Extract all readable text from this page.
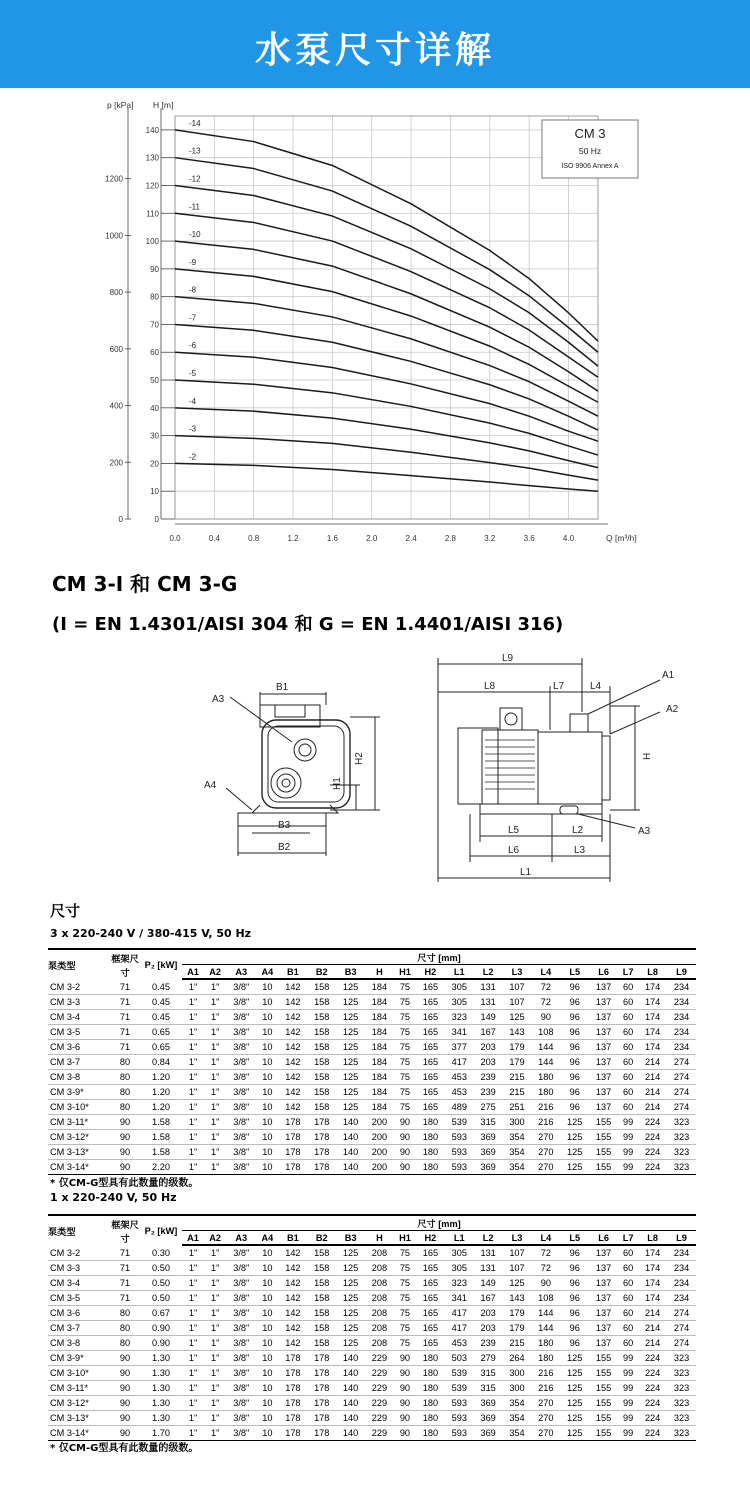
水泵尺寸详解
0.0	0.4	0.8	1.2	1.6	2.0	2.4	2.8	3.2	3.6	4.0
0
10
20
30
40
50
60
70
80
90
100
110
120
130
140
0
200
400
600
800
1000
1200
p [kPa] H [m]
Q [m³/h]
-2
-3
-4
-5
-6
-7
-8
-9
-10
-11
-12
-13
-14
CM 3
50 Hz
ISO 9906 Annex A
CM 3-I 和 CM 3-G
(I = EN 1.4301/AISI 304 和 G = EN 1.4401/AISI 316)
B1
A3
A4
B3
B2
H1
H2
L9
L8	L7	L4
A1
A2
H
L5	L2	A3
L6	L3
L1
尺寸
3 x 220-240 V / 380-415 V, 50 Hz
泵类型	框架尺寸	P₂ [kW]	尺寸 [mm]																		
			A1	A2	A3	A4	B1	B2	B3	H	H1	H2	L1	L2	L3	L4	L5	L6	L7	L8	L9
CM 3-2	71	0.45	1"	1"	3/8"	10	142	158	125	184	75	165	305	131	107	72	96	137	60	174	234
CM 3-3	71	0.45	1"	1"	3/8"	10	142	158	125	184	75	165	305	131	107	72	96	137	60	174	234
CM 3-4	71	0.45	1"	1"	3/8"	10	142	158	125	184	75	165	323	149	125	90	96	137	60	174	234
CM 3-5	71	0.65	1"	1"	3/8"	10	142	158	125	184	75	165	341	167	143	108	96	137	60	174	234
CM 3-6	71	0.65	1"	1"	3/8"	10	142	158	125	184	75	165	377	203	179	144	96	137	60	174	234
CM 3-7	80	0.84	1"	1"	3/8"	10	142	158	125	184	75	165	417	203	179	144	96	137	60	214	274
CM 3-8	80	1.20	1"	1"	3/8"	10	142	158	125	184	75	165	453	239	215	180	96	137	60	214	274
CM 3-9*	80	1.20	1"	1"	3/8"	10	142	158	125	184	75	165	453	239	215	180	96	137	60	214	274
CM 3-10*	80	1.20	1"	1"	3/8"	10	142	158	125	184	75	165	489	275	251	216	96	137	60	214	274
CM 3-11*	90	1.58	1"	1"	3/8"	10	178	178	140	200	90	180	539	315	300	216	125	155	99	224	323
CM 3-12*	90	1.58	1"	1"	3/8"	10	178	178	140	200	90	180	593	369	354	270	125	155	99	224	323
CM 3-13*	90	1.58	1"	1"	3/8"	10	178	178	140	200	90	180	593	369	354	270	125	155	99	224	323
CM 3-14*	90	2.20	1"	1"	3/8"	10	178	178	140	200	90	180	593	369	354	270	125	155	99	224	323
* 仅CM-G型具有此数量的级数。
1 x 220-240 V, 50 Hz
泵类型	框架尺寸	P₂ [kW]	尺寸 [mm]																		
			A1	A2	A3	A4	B1	B2	B3	H	H1	H2	L1	L2	L3	L4	L5	L6	L7	L8	L9
CM 3-2	71	0.30	1"	1"	3/8"	10	142	158	125	208	75	165	305	131	107	72	96	137	60	174	234
CM 3-3	71	0.50	1"	1"	3/8"	10	142	158	125	208	75	165	305	131	107	72	96	137	60	174	234
CM 3-4	71	0.50	1"	1"	3/8"	10	142	158	125	208	75	165	323	149	125	90	96	137	60	174	234
CM 3-5	71	0.50	1"	1"	3/8"	10	142	158	125	208	75	165	341	167	143	108	96	137	60	174	234
CM 3-6	80	0.67	1"	1"	3/8"	10	142	158	125	208	75	165	417	203	179	144	96	137	60	214	274
CM 3-7	80	0.90	1"	1"	3/8"	10	142	158	125	208	75	165	417	203	179	144	96	137	60	214	274
CM 3-8	80	0.90	1"	1"	3/8"	10	142	158	125	208	75	165	453	239	215	180	96	137	60	214	274
CM 3-9*	90	1.30	1"	1"	3/8"	10	178	178	140	229	90	180	503	279	264	180	125	155	99	224	323
CM 3-10*	90	1.30	1"	1"	3/8"	10	178	178	140	229	90	180	539	315	300	216	125	155	99	224	323
CM 3-11*	90	1.30	1"	1"	3/8"	10	178	178	140	229	90	180	539	315	300	216	125	155	99	224	323
CM 3-12*	90	1.30	1"	1"	3/8"	10	178	178	140	229	90	180	593	369	354	270	125	155	99	224	323
CM 3-13*	90	1.30	1"	1"	3/8"	10	178	178	140	229	90	180	593	369	354	270	125	155	99	224	323
CM 3-14*	90	1.70	1"	1"	3/8"	10	178	178	140	229	90	180	593	369	354	270	125	155	99	224	323
* 仅CM-G型具有此数量的级数。
